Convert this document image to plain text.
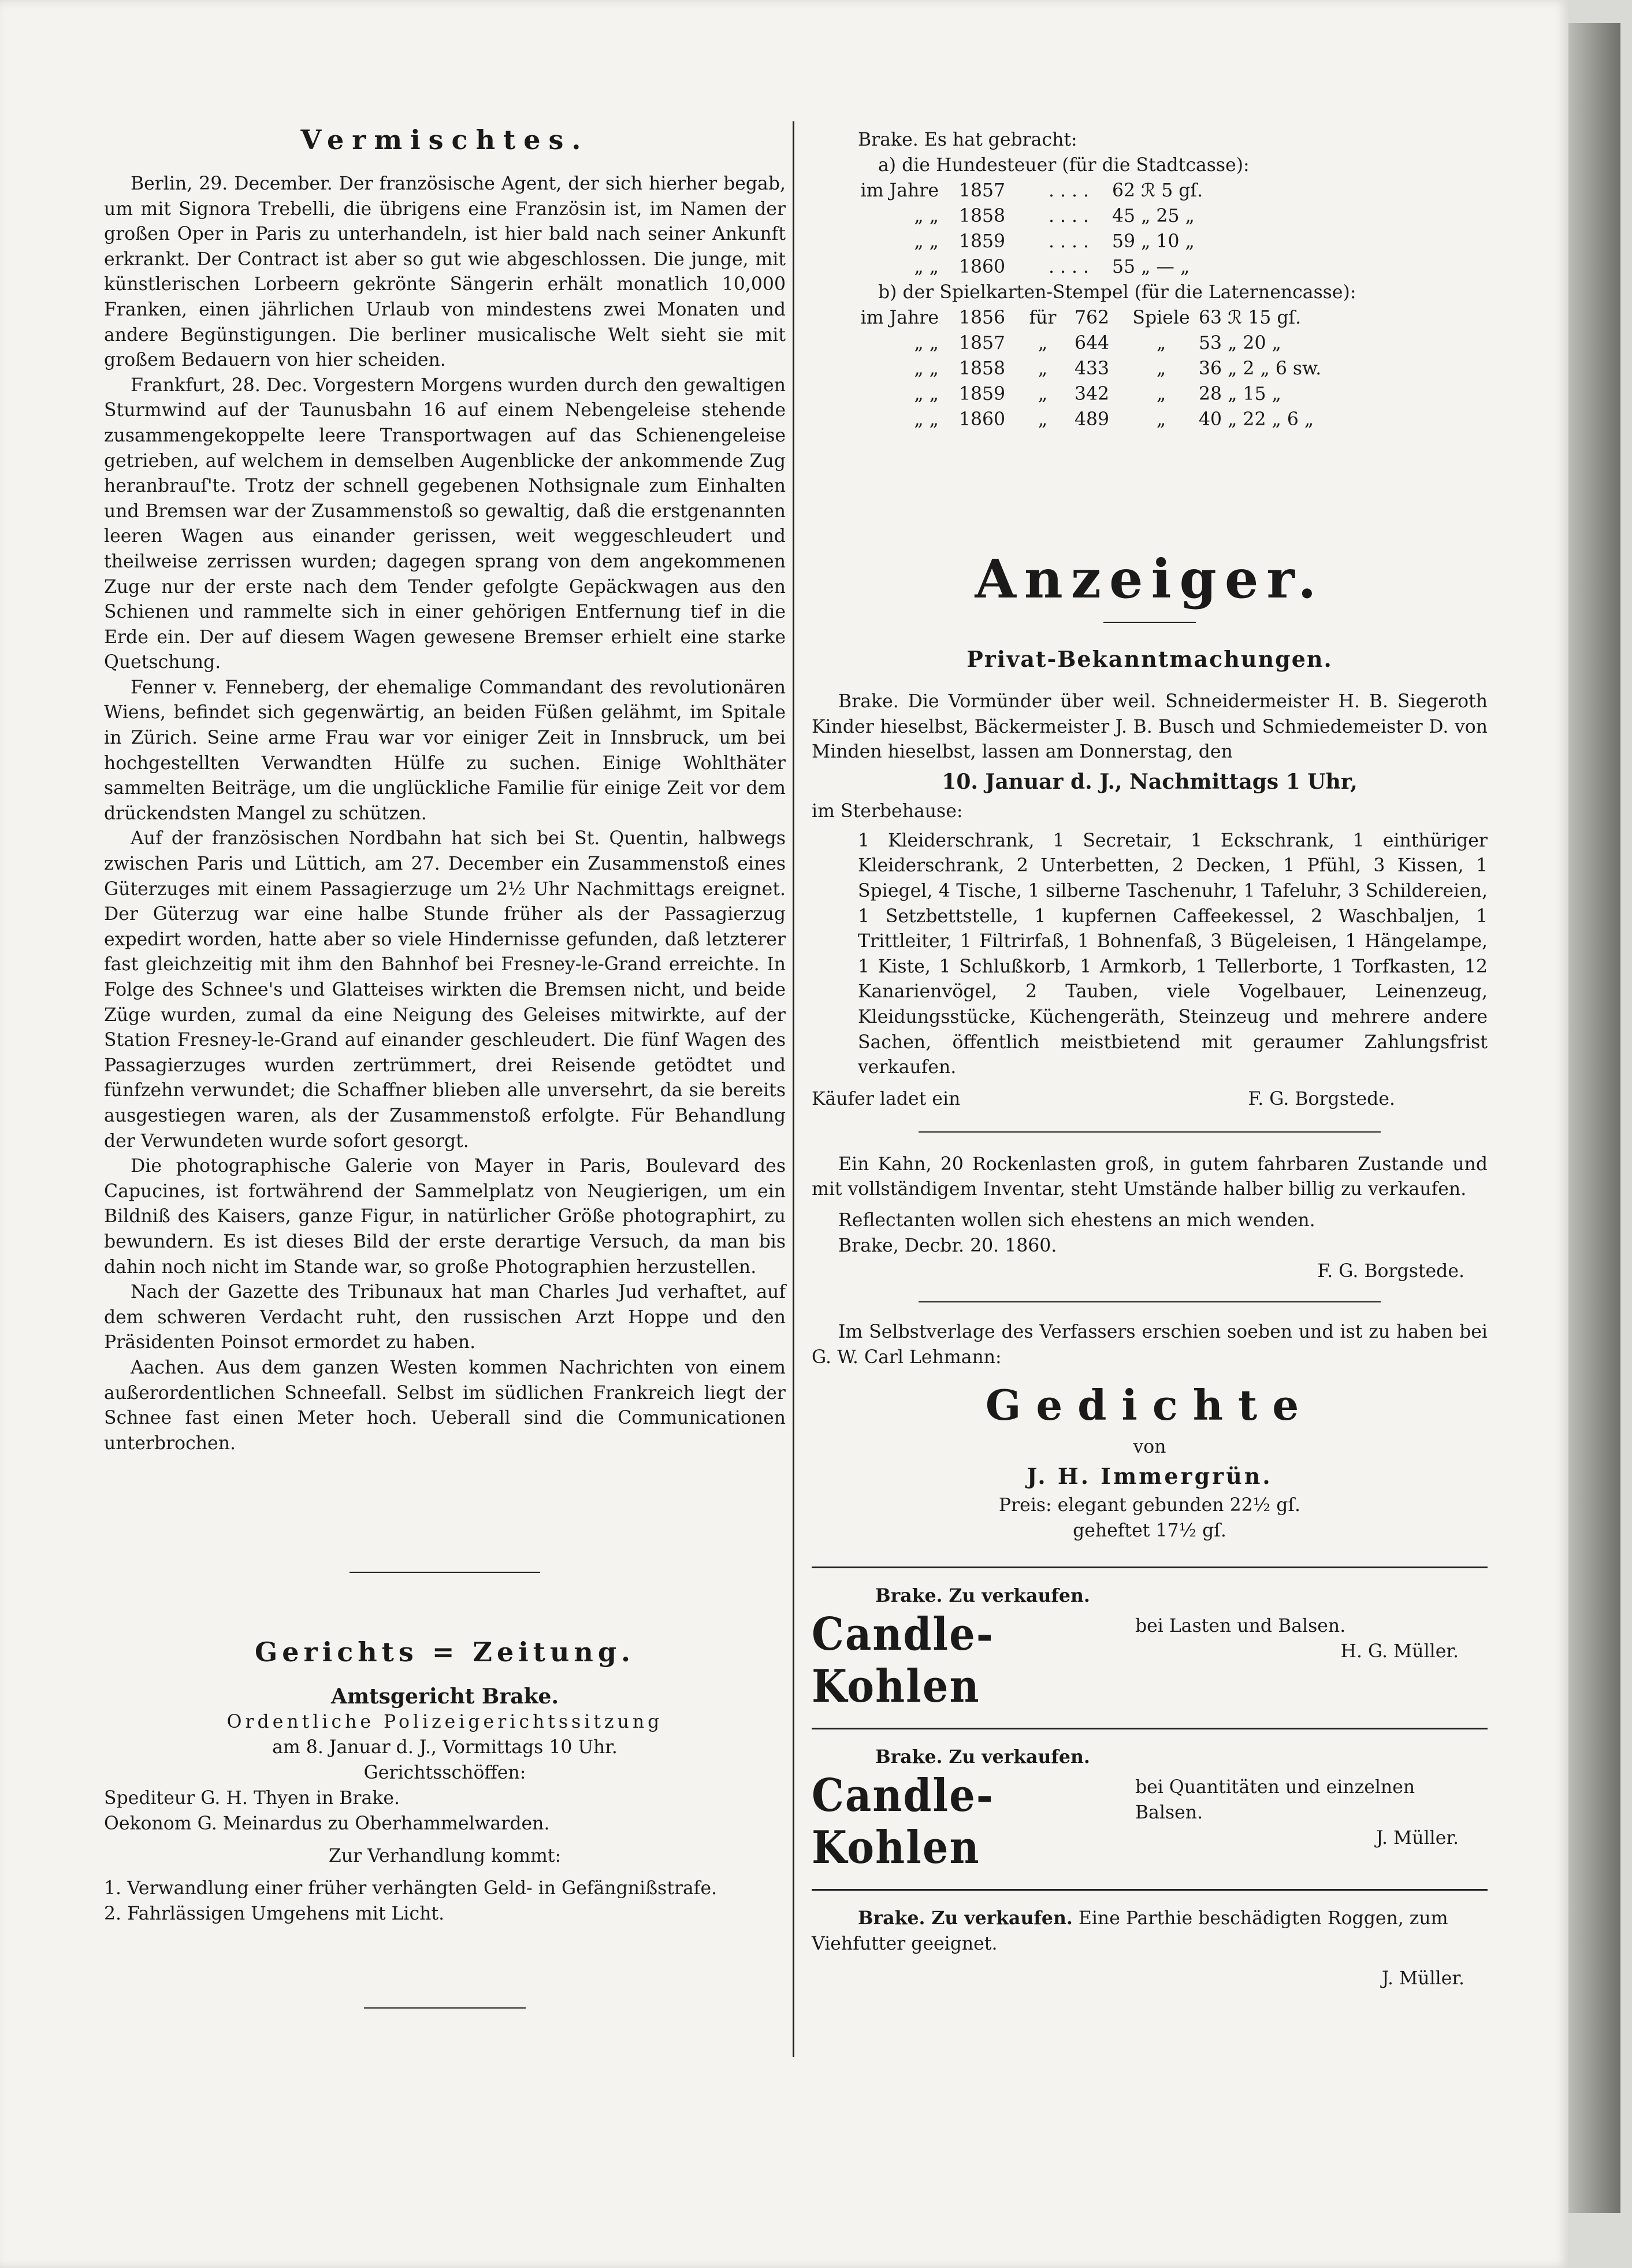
Vermischtes.

Berlin, 29. December. Der französische Agent, der sich hierher begab, um mit Signora Trebelli, die übrigens eine Französin ist, im Namen der großen Oper in Paris zu unterhandeln, ist hier bald nach seiner Ankunft erkrankt. Der Contract ist aber so gut wie abgeschlossen. Die junge, mit künstlerischen Lorbeern gekrönte Sängerin erhält monatlich 10,000 Franken, einen jährlichen Urlaub von mindestens zwei Monaten und andere Begünstigungen. Die berliner musicalische Welt sieht sie mit großem Bedauern von hier scheiden.

Frankfurt, 28. Dec. Vorgestern Morgens wurden durch den gewaltigen Sturmwind auf der Taunusbahn 16 auf einem Nebengeleise stehende zusammengekoppelte leere Transportwagen auf das Schienengeleise getrieben, auf welchem in demselben Augenblicke der ankommende Zug heranbrauſ'te. Trotz der schnell gegebenen Nothsignale zum Einhalten und Bremsen war der Zusammenstoß so gewaltig, daß die erstgenannten leeren Wagen aus einander gerissen, weit weggeschleudert und theilweise zerrissen wurden; dagegen sprang von dem angekommenen Zuge nur der erste nach dem Tender gefolgte Gepäckwagen aus den Schienen und rammelte sich in einer gehörigen Entfernung tief in die Erde ein. Der auf diesem Wagen gewesene Bremser erhielt eine starke Quetschung.

Fenner v. Fenneberg, der ehemalige Commandant des revolutionären Wiens, befindet sich gegenwärtig, an beiden Füßen gelähmt, im Spitale in Zürich. Seine arme Frau war vor einiger Zeit in Innsbruck, um bei hochgestellten Verwandten Hülfe zu suchen. Einige Wohlthäter sammelten Beiträge, um die unglückliche Familie für einige Zeit vor dem drückendsten Mangel zu schützen.

Auf der französischen Nordbahn hat sich bei St. Quentin, halbwegs zwischen Paris und Lüttich, am 27. December ein Zusammenstoß eines Güterzuges mit einem Passagierzuge um 2½ Uhr Nachmittags ereignet. Der Güterzug war eine halbe Stunde früher als der Passagierzug expedirt worden, hatte aber so viele Hindernisse gefunden, daß letzterer fast gleichzeitig mit ihm den Bahnhof bei Fresney-le-Grand erreichte. In Folge des Schnee's und Glatteises wirkten die Bremsen nicht, und beide Züge wurden, zumal da eine Neigung des Geleises mitwirkte, auf der Station Fresney-le-Grand auf einander geschleudert. Die fünf Wagen des Passagierzuges wurden zertrümmert, drei Reisende getödtet und fünfzehn verwundet; die Schaffner blieben alle unversehrt, da sie bereits ausgestiegen waren, als der Zusammenstoß erfolgte. Für Behandlung der Verwundeten wurde sofort gesorgt.

Die photographische Galerie von Mayer in Paris, Boulevard des Capucines, ist fortwährend der Sammelplatz von Neugierigen, um ein Bildniß des Kaisers, ganze Figur, in natürlicher Größe photographirt, zu bewundern. Es ist dieses Bild der erste derartige Versuch, da man bis dahin noch nicht im Stande war, so große Photographien herzustellen.

Nach der Gazette des Tribunaux hat man Charles Jud verhaftet, auf dem schweren Verdacht ruht, den russischen Arzt Hoppe und den Präsidenten Poinsot ermordet zu haben.

Aachen. Aus dem ganzen Westen kommen Nachrichten von einem außerordentlichen Schneefall. Selbst im südlichen Frankreich liegt der Schnee fast einen Meter hoch. Ueberall sind die Communicationen unterbrochen.

Gerichts = Zeitung.
Amtsgericht Brake.
Ordentliche Polizeigerichtssitzung
am 8. Januar d. J., Vormittags 10 Uhr.
Gerichtsschöffen:
Spediteur G. H. Thyen in Brake.
Oekonom G. Meinardus zu Oberhammelwarden.
Zur Verhandlung kommt:
1. Verwandlung einer früher verhängten Geld- in Gefängnißstrafe.
2. Fahrlässigen Umgehens mit Licht.
Brake. Es hat gebracht:
a) die Hundesteuer (für die Stadtcasse):
im Jahre	1857	. . . .	62 ℛ 5 gſ.
„ „	1858	. . . .	45 „ 25 „
„ „	1859	. . . .	59 „ 10 „
„ „	1860	. . . .	55 „ — „
b) der Spielkarten-Stempel (für die Laternencasse):
im Jahre	1856	für 762	Spiele 63 ℛ 15 gſ.
„ „	1857	„	644	„	53 „ 20 „
„ „	1858	„	433	„	36 „ 2 „ 6 sw.
„ „	1859	„	342	„	28 „ 15 „
„ „	1860	„	489	„	40 „ 22 „ 6 „
Anzeiger.
Privat-Bekanntmachungen.

Brake. Die Vormünder über weil. Schneidermeister H. B. Siegeroth Kinder hieselbst, Bäckermeister J. B. Busch und Schmiedemeister D. von Minden hieselbst, lassen am Donnerstag, den

10. Januar d. J., Nachmittags 1 Uhr,
im Sterbehause:

1 Kleiderschrank, 1 Secretair, 1 Eckschrank, 1 einthüriger Kleiderschrank, 2 Unterbetten, 2 Decken, 1 Pfühl, 3 Kissen, 1 Spiegel, 4 Tische, 1 silberne Taschenuhr, 1 Tafeluhr, 3 Schildereien, 1 Setzbettstelle, 1 kupfernen Caffeekessel, 2 Waschbaljen, 1 Trittleiter, 1 Filtrirfaß, 1 Bohnenfaß, 3 Bügeleisen, 1 Hängelampe, 1 Kiste, 1 Schlußkorb, 1 Armkorb, 1 Tellerborte, 1 Torfkasten, 12 Kanarienvögel, 2 Tauben, viele Vogelbauer, Leinenzeug, Kleidungsstücke, Küchengeräth, Steinzeug und mehrere andere Sachen, öffentlich meistbietend mit geraumer Zahlungsfrist verkaufen.

Käufer ladet ein	F. G. Borgstede.

Ein Kahn, 20 Rockenlasten groß, in gutem fahrbaren Zustande und mit vollständigem Inventar, steht Umstände halber billig zu verkaufen.

Reflectanten wollen sich ehestens an mich wenden.

Brake, Decbr. 20. 1860.

F. G. Borgstede.

Im Selbstverlage des Verfassers erschien soeben und ist zu haben bei G. W. Carl Lehmann:

Gedichte
von
J. H. Immergrün.
Preis: elegant gebunden 22½ gſ.
geheftet 17½ gſ.
Brake. Zu verkaufen.
Candle-Kohlen
bei Lasten und Balsen.
H. G. Müller.
Brake. Zu verkaufen.
Candle-Kohlen
bei Quantitäten und einzelnen Balsen.
J. Müller.
Brake. Zu verkaufen. Eine Parthie beschädigten Roggen, zum Viehfutter geeignet.
J. Müller.
